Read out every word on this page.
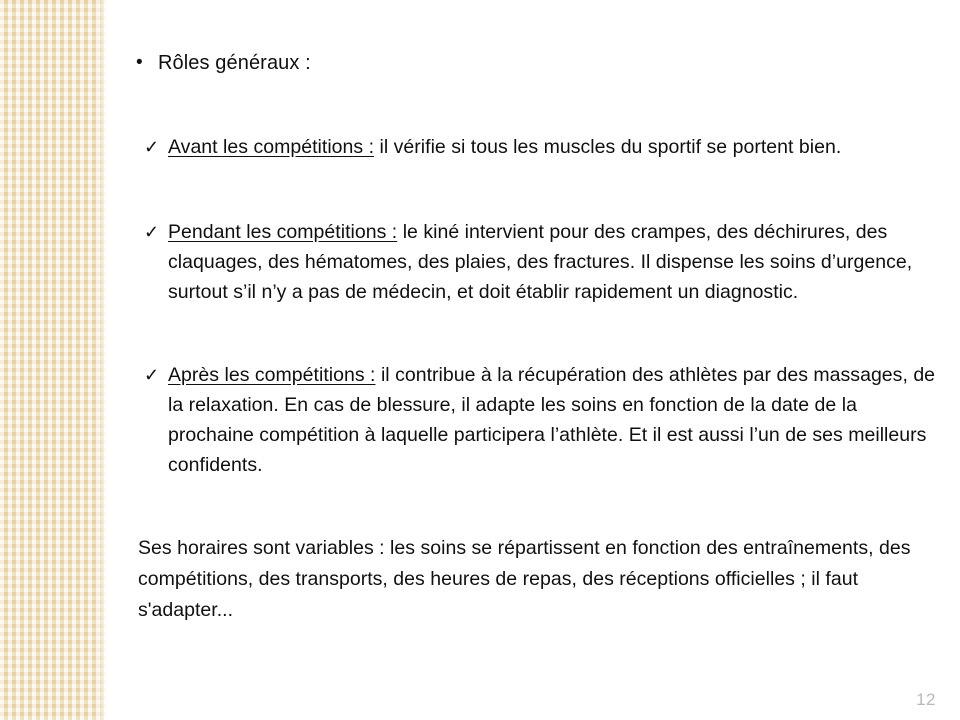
• Rôles généraux :
✓ Avant les compétitions : il vérifie si tous les muscles du sportif se portent bien.
✓ Pendant les compétitions : le kiné intervient pour des crampes, des déchirures, des claquages, des hématomes, des plaies, des fractures. Il dispense les soins d’urgence, surtout s’il n’y a pas de médecin, et doit établir rapidement un diagnostic.
✓ Après les compétitions : il contribue à la récupération des athlètes par des massages, de la relaxation. En cas de blessure, il adapte les soins en fonction de la date de la prochaine compétition à laquelle participera l’athlète. Et il est aussi l’un de ses meilleurs confidents.
Ses horaires sont variables : les soins se répartissent en fonction des entraînements, des compétitions, des transports, des heures de repas, des réceptions officielles ; il faut s'adapter...
12
